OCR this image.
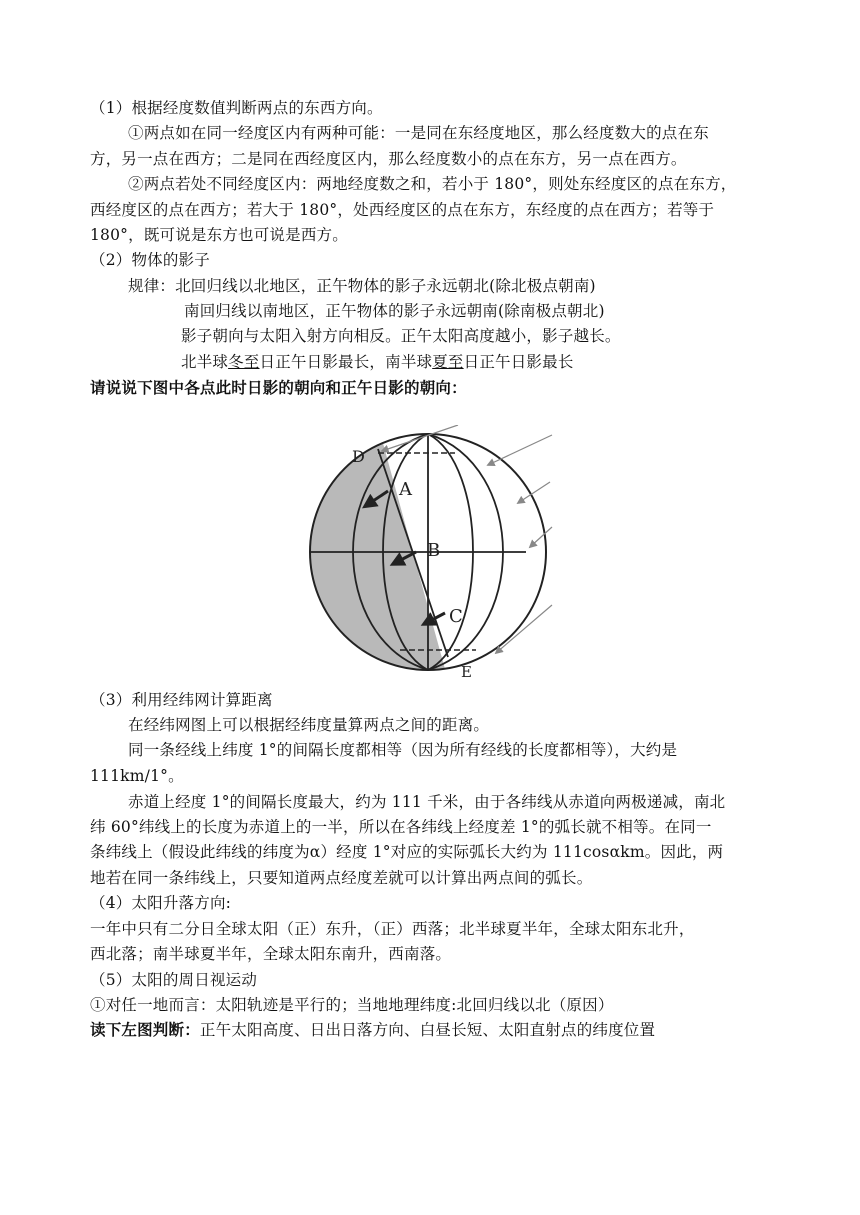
（1）根据经度数值判断两点的东西方向。
①两点如在同一经度区内有两种可能：一是同在东经度地区，那么经度数大的点在东
方，另一点在西方；二是同在西经度区内，那么经度数小的点在东方，另一点在西方。
②两点若处不同经度区内：两地经度数之和，若小于 180°，则处东经度区的点在东方，
西经度区的点在西方；若大于 180°，处西经度区的点在东方，东经度的点在西方；若等于
180°，既可说是东方也可说是西方。
（2）物体的影子
规律：北回归线以北地区，正午物体的影子永远朝北(除北极点朝南)
南回归线以南地区，正午物体的影子永远朝南(除南极点朝北)
影子朝向与太阳入射方向相反。正午太阳高度越小，影子越长。
北半球冬至日正午日影最长，南半球夏至日正午日影最长
请说说下图中各点此时日影的朝向和正午日影的朝向：
D
A
B
C
E
（3）利用经纬网计算距离
在经纬网图上可以根据经纬度量算两点之间的距离。
同一条经线上纬度 1°的间隔长度都相等（因为所有经线的长度都相等），大约是
111km/1°。
赤道上经度 1°的间隔长度最大，约为 111 千米，由于各纬线从赤道向两极递减，南北
纬 60°纬线上的长度为赤道上的一半，所以在各纬线上经度差 1°的弧长就不相等。在同一
条纬线上（假设此纬线的纬度为α）经度 1°对应的实际弧长大约为 111cosαkm。因此，两
地若在同一条纬线上，只要知道两点经度差就可以计算出两点间的弧长。
（4）太阳升落方向:
一年中只有二分日全球太阳（正）东升，（正）西落；北半球夏半年，全球太阳东北升，
西北落；南半球夏半年，全球太阳东南升，西南落。
（5）太阳的周日视运动
①对任一地而言：太阳轨迹是平行的；当地地理纬度:北回归线以北（原因）
读下左图判断：正午太阳高度、日出日落方向、白昼长短、太阳直射点的纬度位置
